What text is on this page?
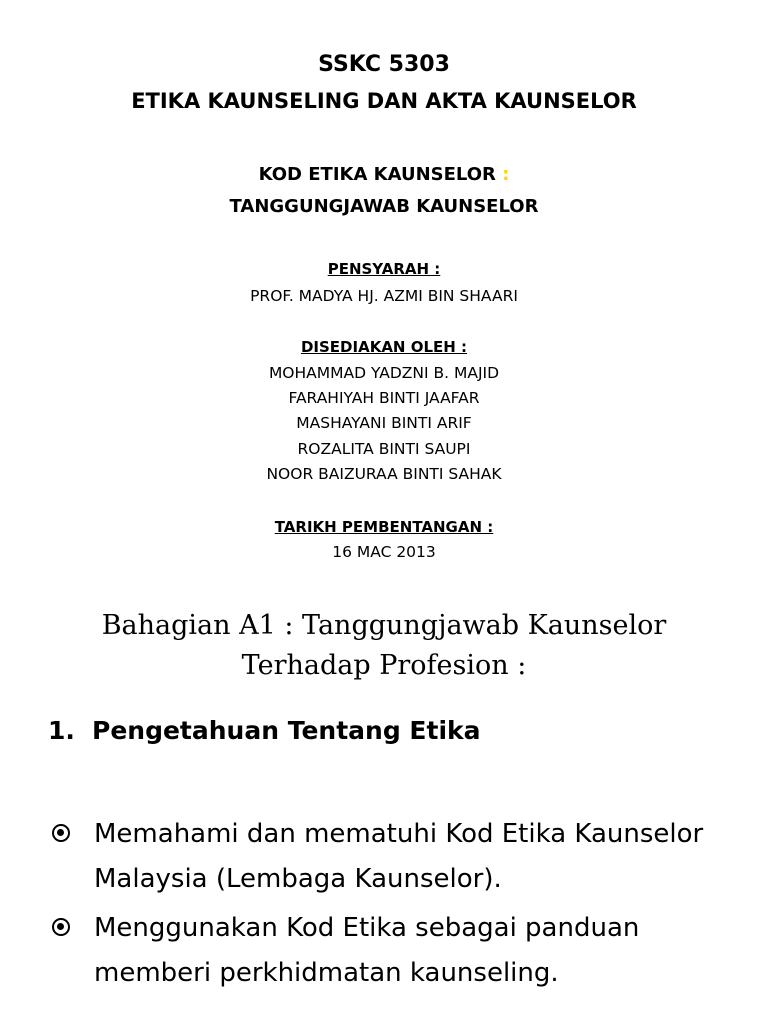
SSKC 5303
ETIKA KAUNSELING DAN AKTA KAUNSELOR
KOD ETIKA KAUNSELOR :
TANGGUNGJAWAB KAUNSELOR
PENSYARAH :
PROF. MADYA HJ. AZMI BIN SHAARI
DISEDIAKAN OLEH :
MOHAMMAD YADZNI B. MAJID
FARAHIYAH BINTI JAAFAR
MASHAYANI BINTI ARIF
ROZALITA BINTI SAUPI
NOOR BAIZURAA BINTI SAHAK
TARIKH PEMBENTANGAN :
16 MAC 2013
Bahagian A1 : Tanggungjawab Kaunselor
Terhadap Profesion :
1. Pengetahuan Tentang Etika
Memahami dan mematuhi Kod Etika Kaunselor Malaysia (Lembaga Kaunselor).
Menggunakan Kod Etika sebagai panduan memberi perkhidmatan kaunseling.
